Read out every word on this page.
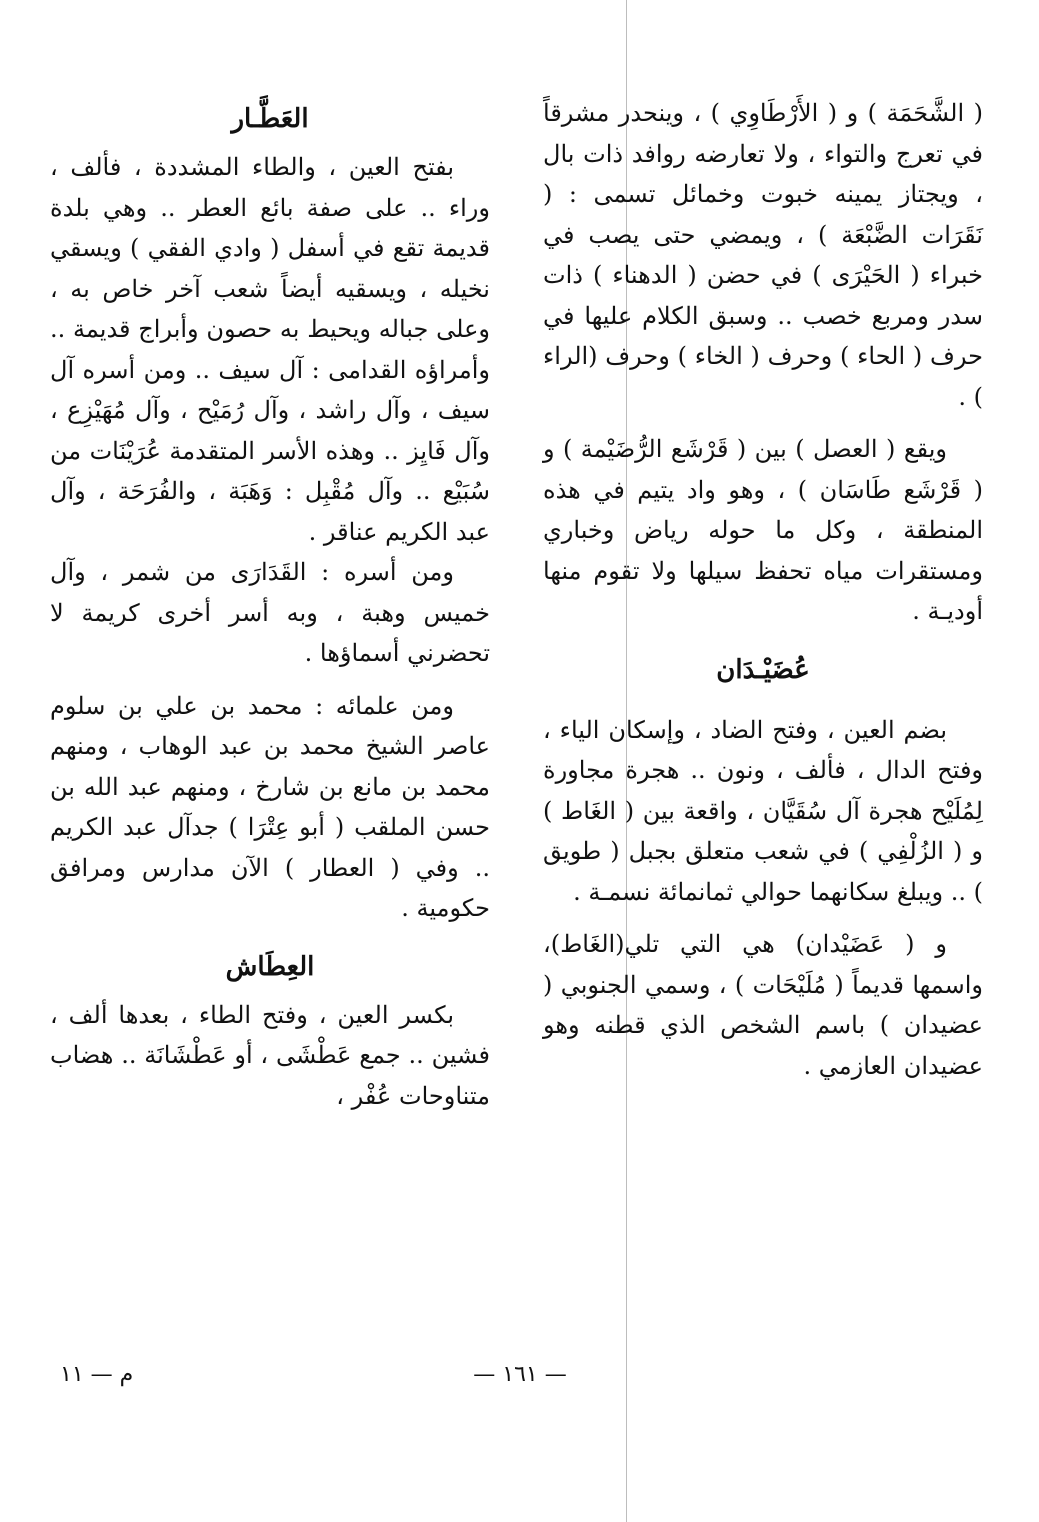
( الشَّحَمَة ) و ( الأَرْطَاوِي ) ، وينحدر مشرقاً في تعرج والتواء ، ولا تعارضه روافد ذات بال ، ويجتاز يمينه خبوت وخمائل تسمى : ( نَقَرَات الضَّبْعَة ) ، ويمضي حتى يصب في خبراء ( الحَيْرَى ) في حضن ( الدهناء ) ذات سدر ومربع خصب .. وسبق الكلام عليها في حرف ( الحاء ) وحرف ( الخاء ) وحرف (الراء ) .

ويقع ( العصل ) بين ( قَرْشَع الرُّضَيْمة ) و ( قَرْشَع طَاسَان ) ، وهو واد يتيم في هذه المنطقة ، وكل ما حوله رياض وخباري ومستقرات مياه تحفظ سيلها ولا تقوم منها أوديـة .

عُضَيْـدَان

بضم العين ، وفتح الضاد ، وإسكان الياء ، وفتح الدال ، فألف ، ونون .. هجرة مجاورة لِمُلَيْح هجرة آل سُقَيَّان ، واقعة بين ( الغَاط ) و ( الزُلْفِي ) في شعب متعلق بجبل ( طويق ) .. ويبلغ سكانهما حوالي ثمانمائة نسمـة .

و ( عَضَيْدان) هي التي تلي(الغَاط)، واسمها قديماً ( مُلَيْحَات ) ، وسمي الجنوبي ( عضيدان ) باسم الشخص الذي قطنه وهو عضيدان العازمي .

العَطَّـار

بفتح العين ، والطاء المشددة ، فألف ، وراء .. على صفة بائع العطر .. وهي بلدة قديمة تقع في أسفل ( وادي الفقي ) ويسقي نخيله ، ويسقيه أيضاً شعب آخر خاص به ، وعلى جباله ويحيط به حصون وأبراج قديمة .. وأمراؤه القدامى : آل سيف .. ومن أسره آل سيف ، وآل راشد ، وآل رُمَيْح ، وآل مُهَيْزِع ، وآل فَايِز .. وهذه الأسر المتقدمة عُرَيْنَات من سُبَيْع .. وآل مُقْبِل : وَهَبَة ، والفُرَحَة ، وآل عبد الكريم عناقر .

ومن أسره : القَدَارَى من شمر ، وآل خميس وهبة ، وبه أسر أخرى كريمة لا تحضرني أسماؤها .

ومن علمائه : محمد بن علي بن سلوم عاصر الشيخ محمد بن عبد الوهاب ، ومنهم محمد بن مانع بن شارخ ، ومنهم عبد الله بن حسن الملقب ( أبو عِتْرَا ) جدآل عبد الكريم .. وفي ( العطار ) الآن مدارس ومرافق حكومية .

العِطَاش

بكسر العين ، وفتح الطاء ، بعدها ألف ، فشين .. جمع عَطْشَى ، أو عَطْشَانَة .. هضاب متناوحات عُفْر ،

— ١٦١ —
م — ١١
